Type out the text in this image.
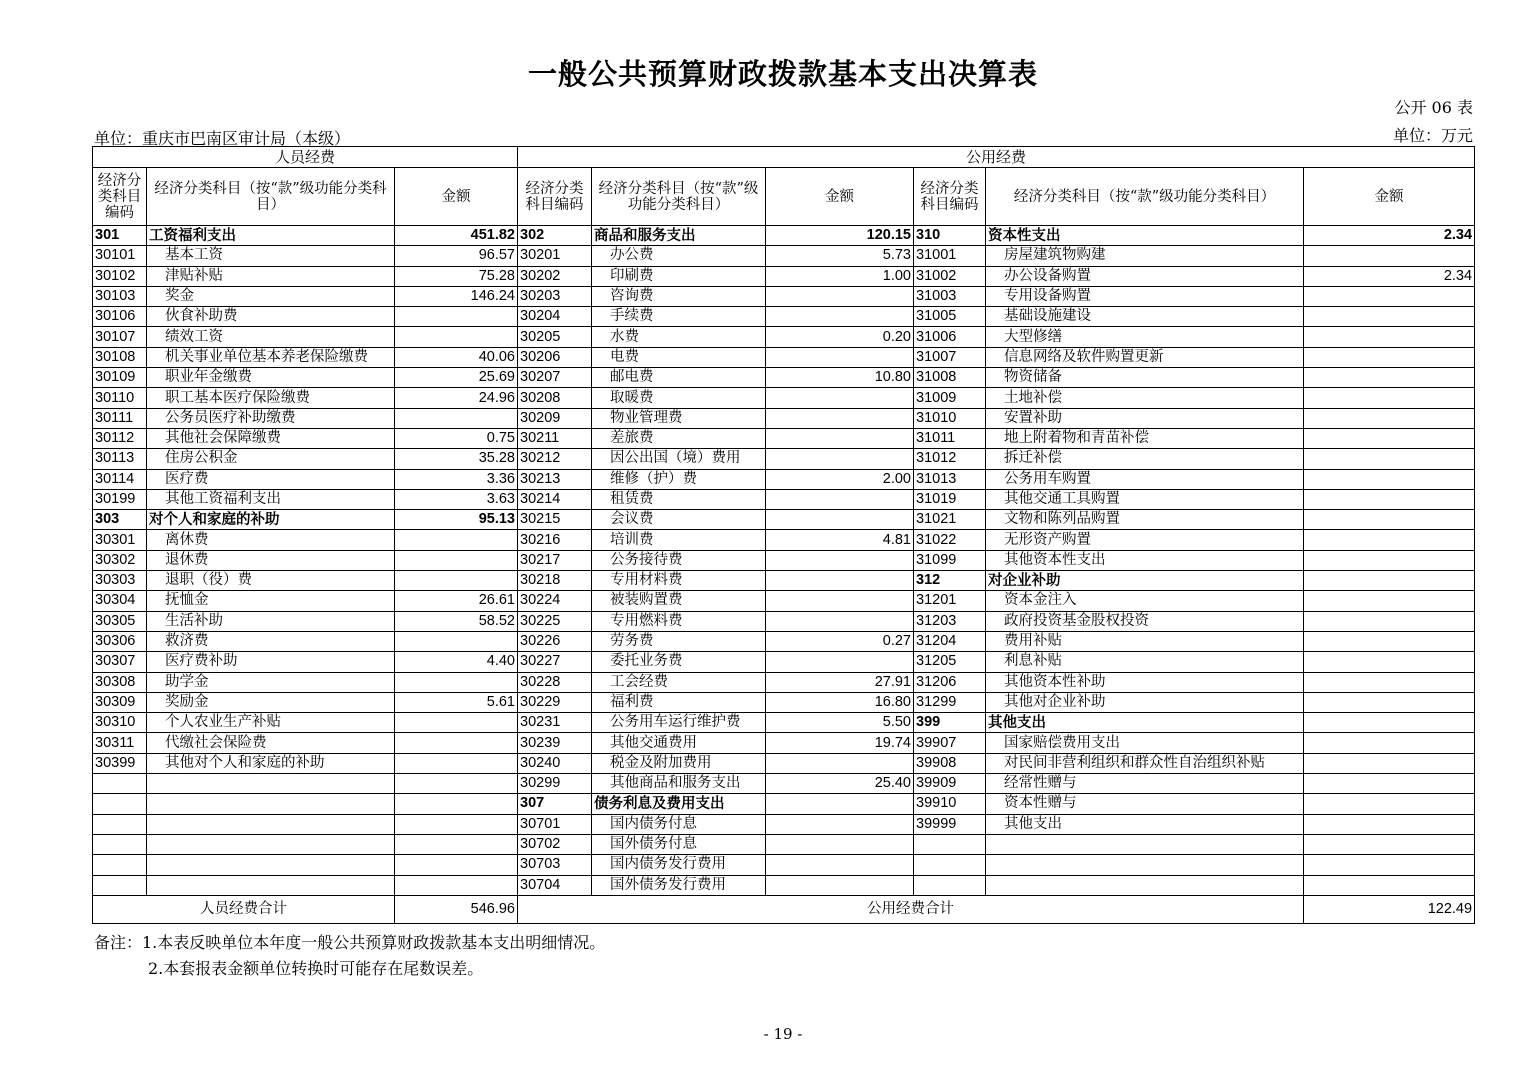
一般公共预算财政拨款基本支出决算表
公开 06 表
单位：重庆市巴南区审计局（本级）	单位：万元
人员经费			公用经费					
经济分类科目编码	经济分类科目（按“款”级功能分类科目）	金额	经济分类科目编码	经济分类科目（按“款”级功能分类科目）	金额	经济分类科目编码	经济分类科目（按“款”级功能分类科目）	金额
301	工资福利支出	451.82	302	商品和服务支出	120.15	310	资本性支出	2.34
30101	基本工资	96.57	30201	办公费	5.73	31001	房屋建筑物购建	
30102	津贴补贴	75.28	30202	印刷费	1.00	31002	办公设备购置	2.34
30103	奖金	146.24	30203	咨询费		31003	专用设备购置	
30106	伙食补助费		30204	手续费		31005	基础设施建设	
30107	绩效工资		30205	水费	0.20	31006	大型修缮	
30108	机关事业单位基本养老保险缴费	40.06	30206	电费		31007	信息网络及软件购置更新	
30109	职业年金缴费	25.69	30207	邮电费	10.80	31008	物资储备	
30110	职工基本医疗保险缴费	24.96	30208	取暖费		31009	土地补偿	
30111	公务员医疗补助缴费		30209	物业管理费		31010	安置补助	
30112	其他社会保障缴费	0.75	30211	差旅费		31011	地上附着物和青苗补偿	
30113	住房公积金	35.28	30212	因公出国（境）费用		31012	拆迁补偿	
30114	医疗费	3.36	30213	维修（护）费	2.00	31013	公务用车购置	
30199	其他工资福利支出	3.63	30214	租赁费		31019	其他交通工具购置	
303	对个人和家庭的补助	95.13	30215	会议费		31021	文物和陈列品购置	
30301	离休费		30216	培训费	4.81	31022	无形资产购置	
30302	退休费		30217	公务接待费		31099	其他资本性支出	
30303	退职（役）费		30218	专用材料费		312	对企业补助	
30304	抚恤金	26.61	30224	被装购置费		31201	资本金注入	
30305	生活补助	58.52	30225	专用燃料费		31203	政府投资基金股权投资	
30306	救济费		30226	劳务费	0.27	31204	费用补贴	
30307	医疗费补助	4.40	30227	委托业务费		31205	利息补贴	
30308	助学金		30228	工会经费	27.91	31206	其他资本性补助	
30309	奖励金	5.61	30229	福利费	16.80	31299	其他对企业补助	
30310	个人农业生产补贴		30231	公务用车运行维护费	5.50	399	其他支出	
30311	代缴社会保险费		30239	其他交通费用	19.74	39907	国家赔偿费用支出	
30399	其他对个人和家庭的补助		30240	税金及附加费用		39908	对民间非营利组织和群众性自治组织补贴	
			30299	其他商品和服务支出	25.40	39909	经常性赠与	
			307	债务利息及费用支出		39910	资本性赠与	
			30701	国内债务付息		39999	其他支出	
			30702	国外债务付息				
			30703	国内债务发行费用				
			30704	国外债务发行费用				
人员经费合计		546.96	公用经费合计					122.49
备注：1.本表反映单位本年度一般公共预算财政拨款基本支出明细情况。
2.本套报表金额单位转换时可能存在尾数误差。
- 19 -
